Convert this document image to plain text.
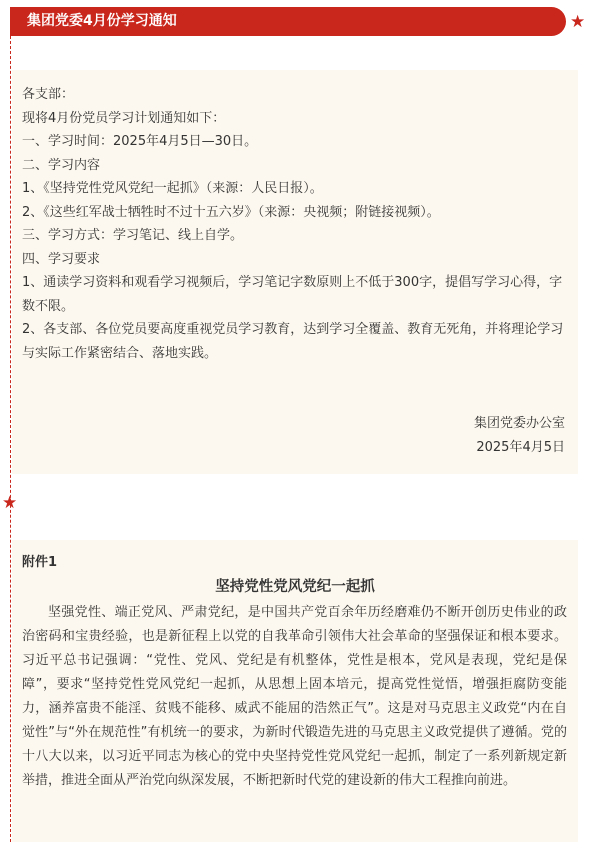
集团党委4月份学习通知	★
★
各支部：
现将4月份党员学习计划通知如下：
一、学习时间：2025年4月5日—30日。
二、学习内容
1、《坚持党性党风党纪一起抓》（来源：人民日报）。
2、《这些红军战士牺牲时不过十五六岁》（来源：央视频；附链接视频）。
三、学习方式：学习笔记、线上自学。
四、学习要求
1、通读学习资料和观看学习视频后，学习笔记字数原则上不低于300字，提倡写学习心得，字数不限。
2、各支部、各位党员要高度重视党员学习教育，达到学习全覆盖、教育无死角，并将理论学习与实际工作紧密结合、落地实践。
集团党委办公室
2025年4月5日
附件1
坚持党性党风党纪一起抓
坚强党性、端正党风、严肃党纪，是中国共产党百余年历经磨难仍不断开创历史伟业的政治密码和宝贵经验，也是新征程上以党的自我革命引领伟大社会革命的坚强保证和根本要求。习近平总书记强调：“党性、党风、党纪是有机整体，党性是根本，党风是表现，党纪是保障”，要求“坚持党性党风党纪一起抓，从思想上固本培元，提高党性觉悟，增强拒腐防变能力，涵养富贵不能淫、贫贱不能移、威武不能屈的浩然正气”。这是对马克思主义政党“内在自觉性”与“外在规范性”有机统一的要求，为新时代锻造先进的马克思主义政党提供了遵循。党的十八大以来，以习近平同志为核心的党中央坚持党性党风党纪一起抓，制定了一系列新规定新举措，推进全面从严治党向纵深发展，不断把新时代党的建设新的伟大工程推向前进。
